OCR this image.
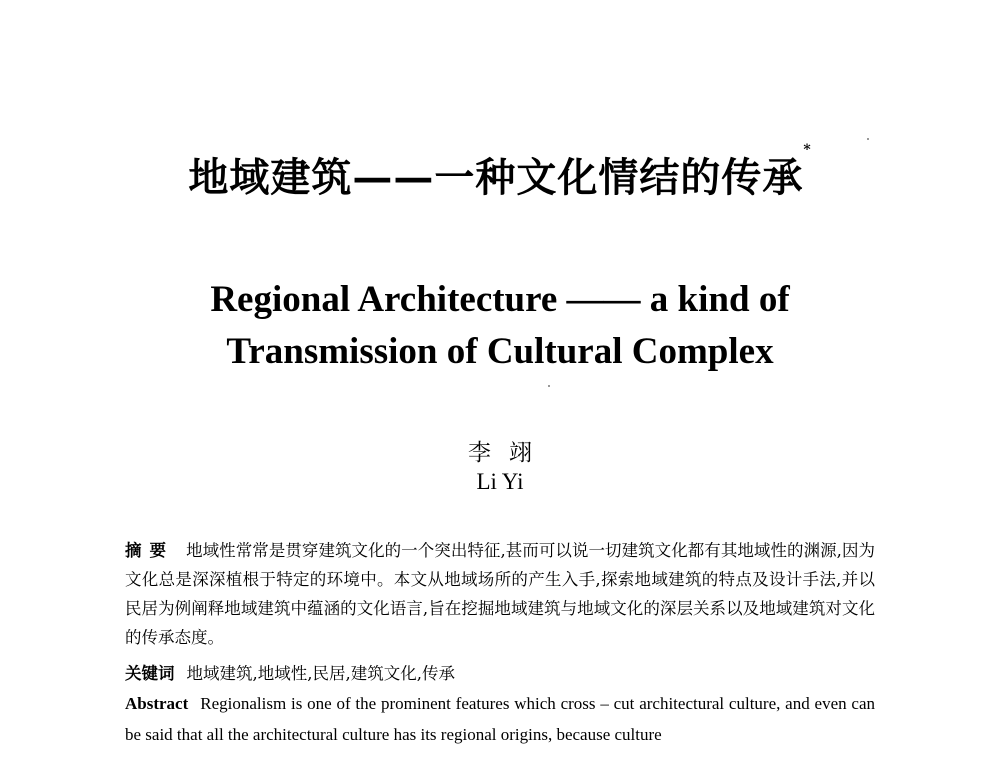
地域建筑——一种文化情结的传承*
Regional Architecture —— a kind of
Transmission of Cultural Complex
李翊
Li Yi
摘要 地域性常常是贯穿建筑文化的一个突出特征,甚而可以说一切建筑文化都有其地域性的渊源,因为文化总是深深植根于特定的环境中。本文从地域场所的产生入手,探索地域建筑的特点及设计手法,并以民居为例阐释地域建筑中蕴涵的文化语言,旨在挖掘地域建筑与地域文化的深层关系以及地域建筑对文化的传承态度。
关键词 地域建筑,地域性,民居,建筑文化,传承
Abstract Regionalism is one of the prominent features which cross – cut architectural culture, and even can be said that all the architectural culture has its regional origins, because culture
